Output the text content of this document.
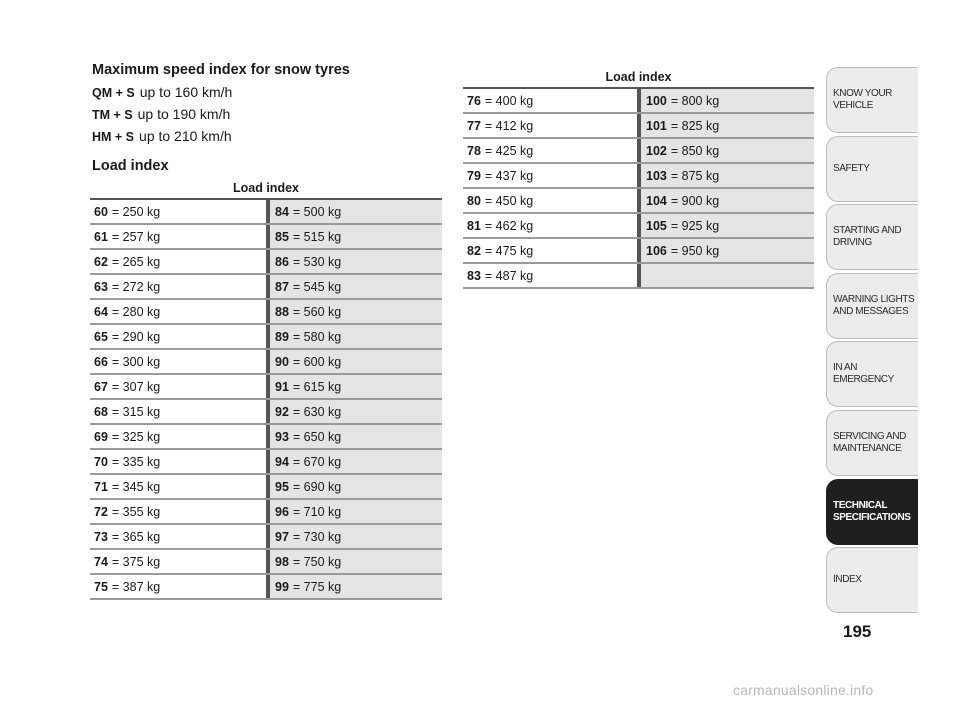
Maximum speed index for snow tyres
QM + S up to 160 km/h
TM + S up to 190 km/h
HM + S up to 210 km/h
Load index
Load index
60 = 250 kg	84 = 500 kg
61 = 257 kg	85 = 515 kg
62 = 265 kg	86 = 530 kg
63 = 272 kg	87 = 545 kg
64 = 280 kg	88 = 560 kg
65 = 290 kg	89 = 580 kg
66 = 300 kg	90 = 600 kg
67 = 307 kg	91 = 615 kg
68 = 315 kg	92 = 630 kg
69 = 325 kg	93 = 650 kg
70 = 335 kg	94 = 670 kg
71 = 345 kg	95 = 690 kg
72 = 355 kg	96 = 710 kg
73 = 365 kg	97 = 730 kg
74 = 375 kg	98 = 750 kg
75 = 387 kg	99 = 775 kg
Load index
76 = 400 kg	100 = 800 kg
77 = 412 kg	101 = 825 kg
78 = 425 kg	102 = 850 kg
79 = 437 kg	103 = 875 kg
80 = 450 kg	104 = 900 kg
81 = 462 kg	105 = 925 kg
82 = 475 kg	106 = 950 kg
83 = 487 kg
KNOW YOUR
VEHICLE
SAFETY
STARTING AND
DRIVING
WARNING LIGHTS
AND MESSAGES
IN AN EMERGENCY
SERVICING AND
MAINTENANCE
TECHNICAL
SPECIFICATIONS
INDEX
195
carmanualsonline.info
